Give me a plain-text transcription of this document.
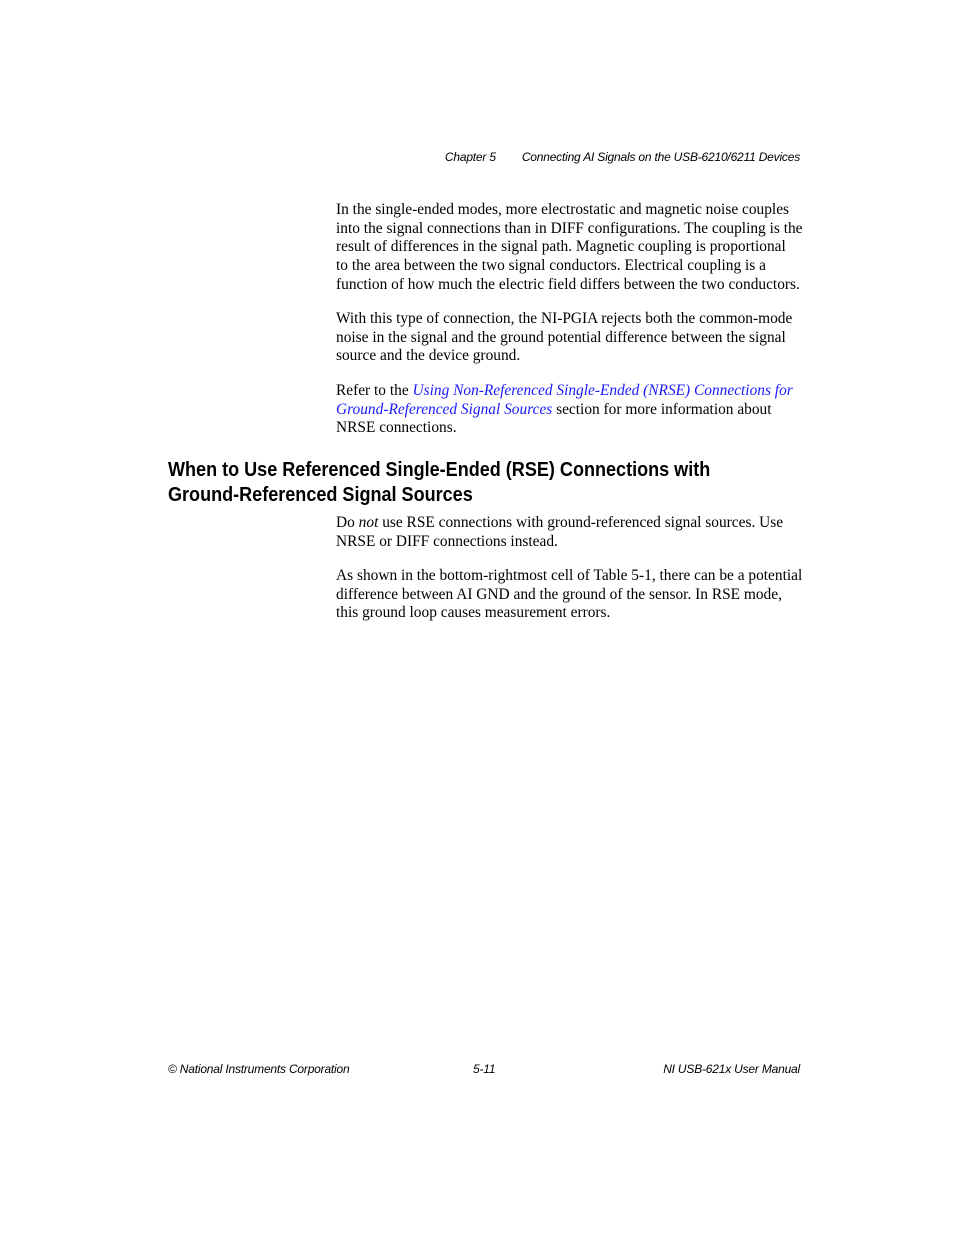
Chapter 5 Connecting AI Signals on the USB-6210/6211 Devices

In the single-ended modes, more electrostatic and magnetic noise couples
into the signal connections than in DIFF configurations. The coupling is the
result of differences in the signal path. Magnetic coupling is proportional
to the area between the two signal conductors. Electrical coupling is a
function of how much the electric field differs between the two conductors.

With this type of connection, the NI-PGIA rejects both the common-mode
noise in the signal and the ground potential difference between the signal
source and the device ground.

Refer to the Using Non-Referenced Single-Ended (NRSE) Connections for
Ground-Referenced Signal Sources section for more information about
NRSE connections.

When to Use Referenced Single-Ended (RSE) Connections with
Ground-Referenced Signal Sources

Do not use RSE connections with ground-referenced signal sources. Use
NRSE or DIFF connections instead.

As shown in the bottom-rightmost cell of Table 5-1, there can be a potential
difference between AI GND and the ground of the sensor. In RSE mode,
this ground loop causes measurement errors.

© National Instruments Corporation	5-11	NI USB-621x User Manual
